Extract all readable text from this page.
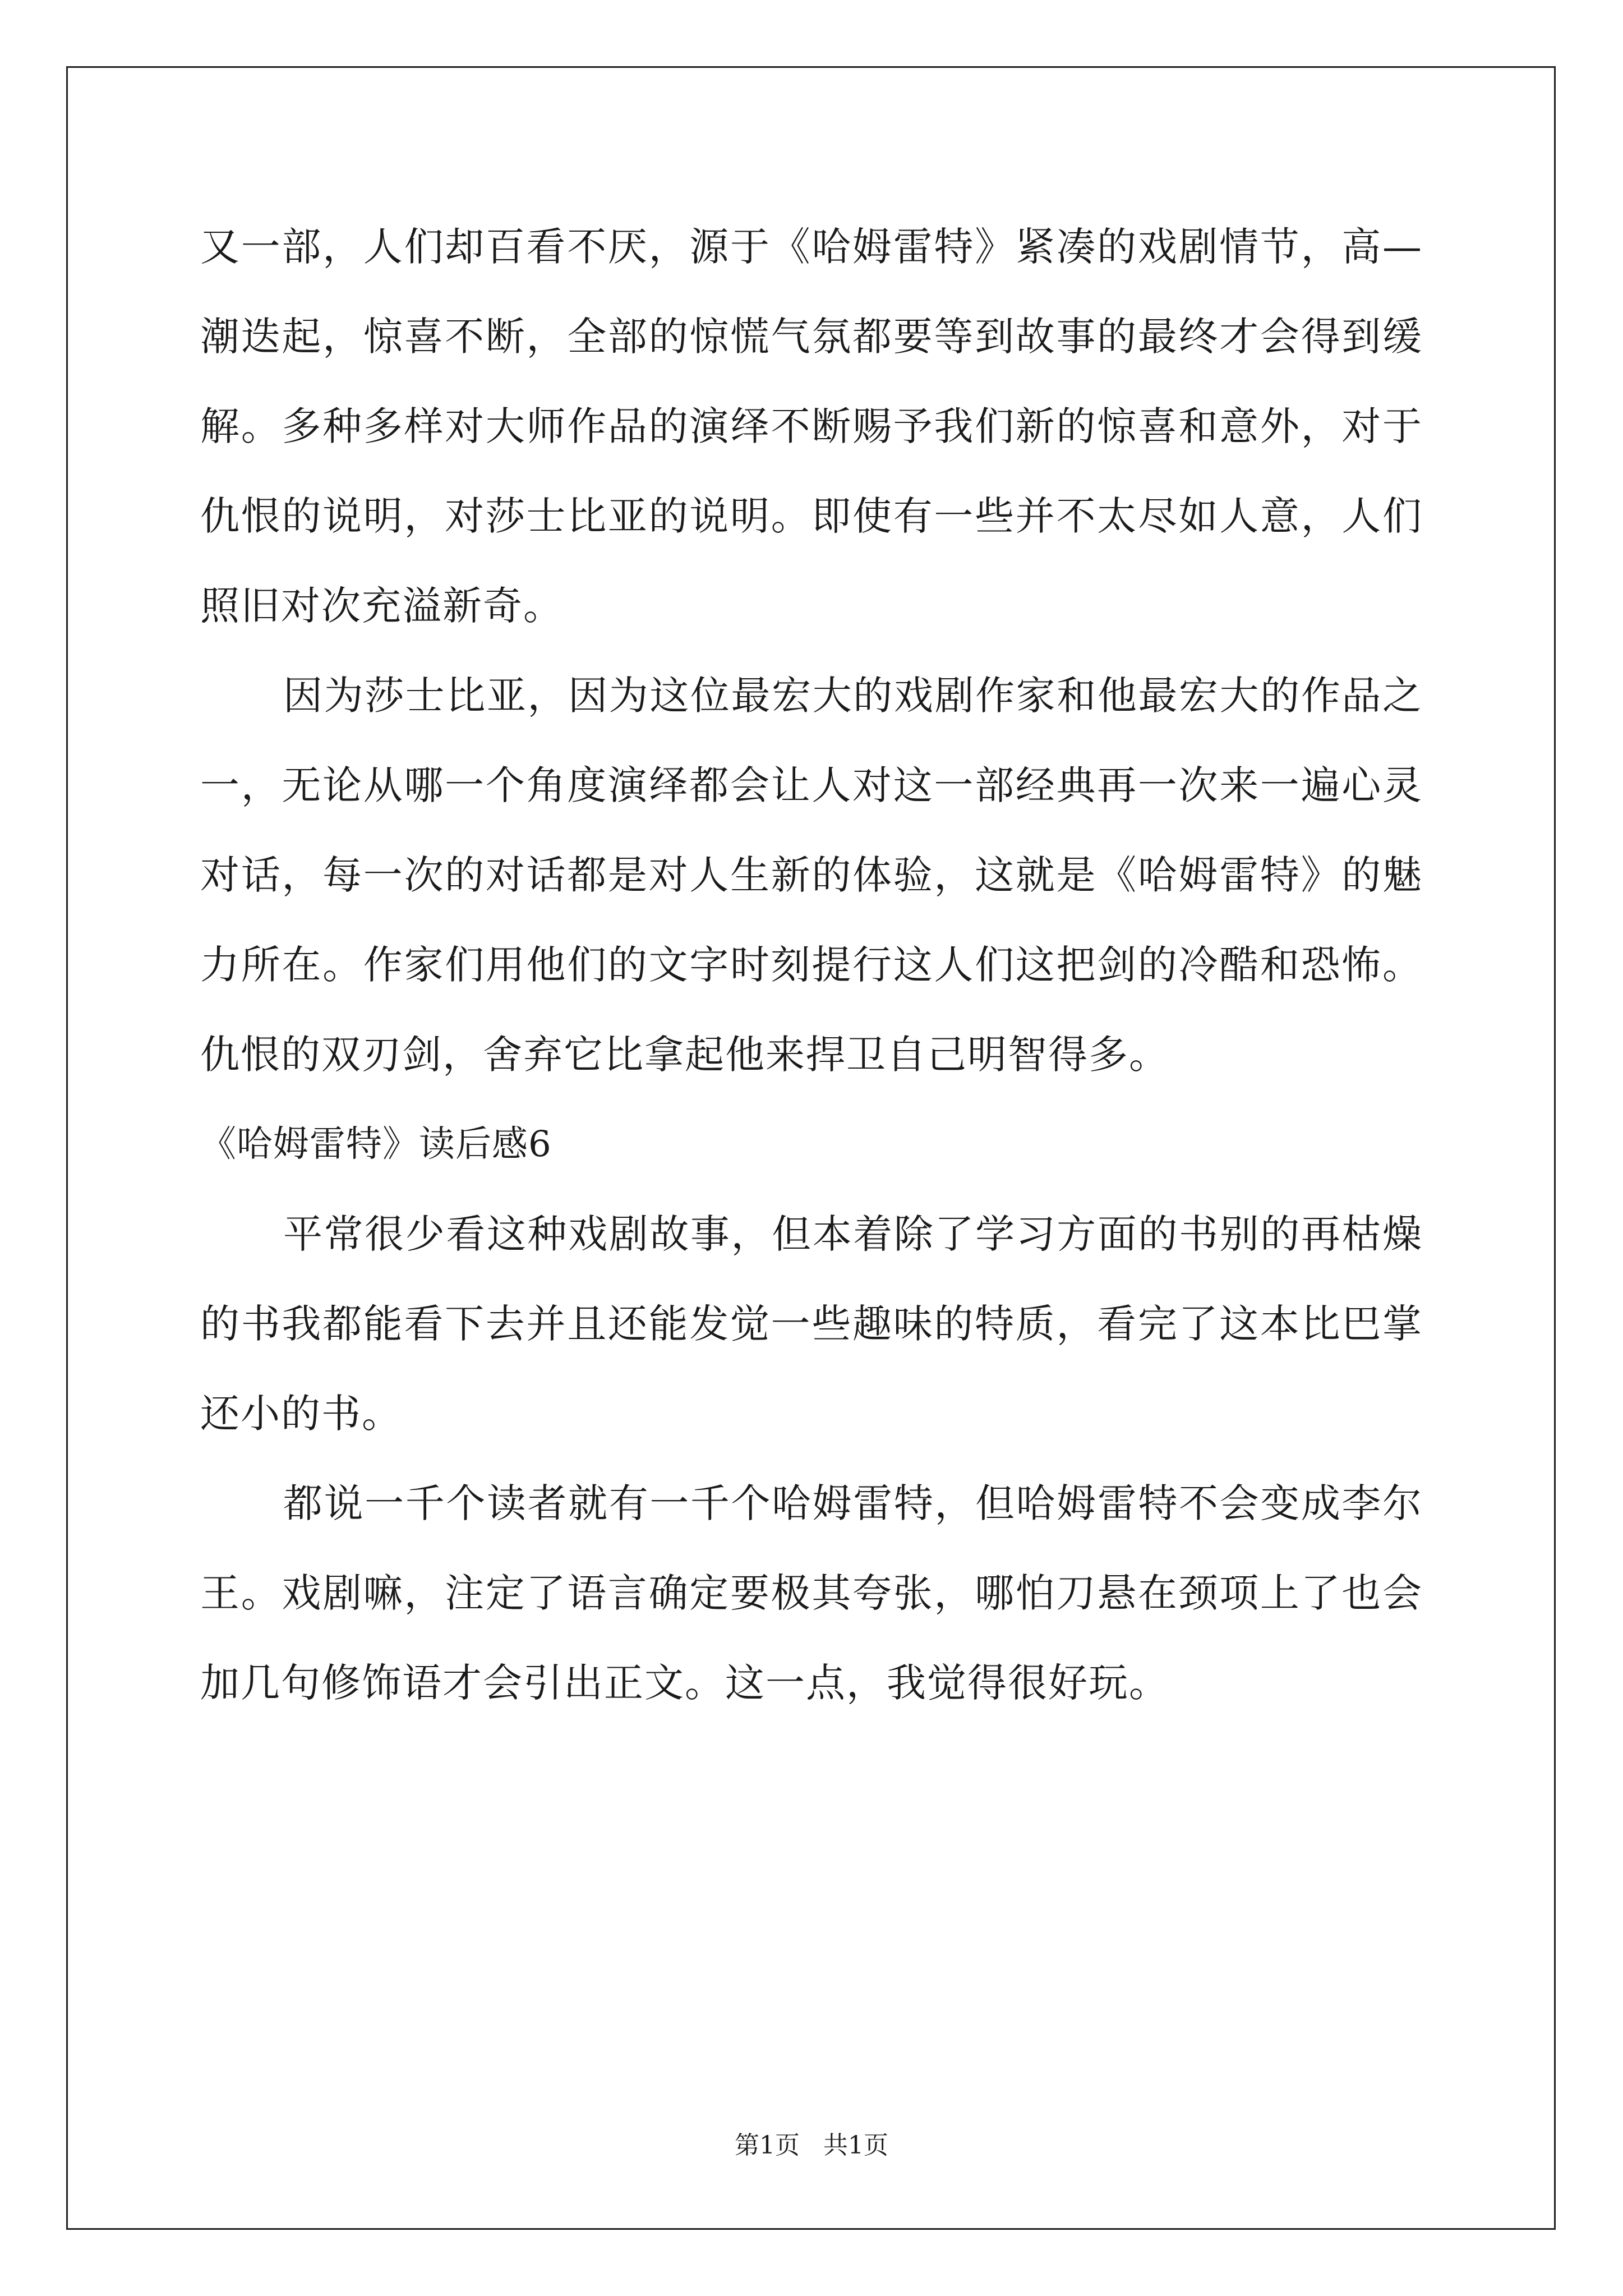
又一部，人们却百看不厌，源于《哈姆雷特》紧凑的戏剧情节，高—潮迭起，惊喜不断，全部的惊慌气氛都要等到故事的最终才会得到缓解。多种多样对大师作品的演绎不断赐予我们新的惊喜和意外，对于仇恨的说明，对莎士比亚的说明。即使有一些并不太尽如人意，人们照旧对次充溢新奇。

因为莎士比亚，因为这位最宏大的戏剧作家和他最宏大的作品之一，无论从哪一个角度演绎都会让人对这一部经典再一次来一遍心灵对话，每一次的对话都是对人生新的体验，这就是《哈姆雷特》的魅力所在。作家们用他们的文字时刻提行这人们这把剑的冷酷和恐怖。仇恨的双刃剑，舍弃它比拿起他来捍卫自己明智得多。

《哈姆雷特》读后感6

平常很少看这种戏剧故事，但本着除了学习方面的书别的再枯燥的书我都能看下去并且还能发觉一些趣味的特质，看完了这本比巴掌还小的书。

都说一千个读者就有一千个哈姆雷特，但哈姆雷特不会变成李尔王。戏剧嘛，注定了语言确定要极其夸张，哪怕刀悬在颈项上了也会加几句修饰语才会引出正文。这一点，我觉得很好玩。

第1页   共1页
